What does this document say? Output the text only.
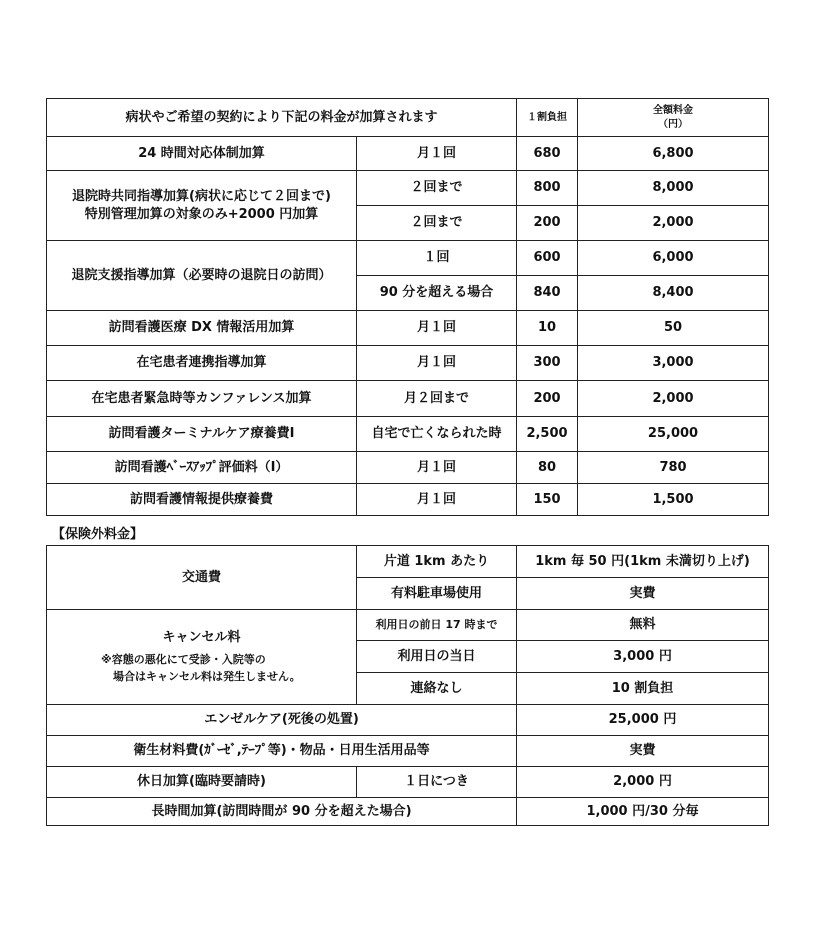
病状やご希望の契約により下記の料金が加算されます		１割負担	全額料金
（円）

24 時間対応体制加算	月１回	680	6,800

退院時共同指導加算(病状に応じて２回まで)
特別管理加算の対象のみ+2000 円加算	２回まで	800	8,000
	２回まで	200	2,000
退院支援指導加算（必要時の退院日の訪問）	１回	600	6,000
	90 分を超える場合	840	8,400
訪問看護医療 DX 情報活用加算	月１回	10	50
在宅患者連携指導加算	月１回	300	3,000
在宅患者緊急時等カンファレンス加算	月２回まで	200	2,000
訪問看護ターミナルケア療養費Ⅰ	自宅で亡くなられた時	2,500	25,000
訪問看護ﾍﾞｰｽｱｯﾌﾟ評価料（Ⅰ）	月１回	80	780
訪問看護情報提供療養費	月１回	150	1,500
【保険外料金】
交通費	片道 1km あたり	1km 毎 50 円(1km 未満切り上げ)
	有料駐車場使用	実費

キャンセル料
※容態の悪化にて受診・入院等の
場合はキャンセル料は発生しません。	利用日の前日 17 時まで	無料
	利用日の当日	3,000 円
	連絡なし	10 割負担
エンゼルケア(死後の処置)		25,000 円
衛生材料費(ｶﾞｰｾﾞ,ﾃｰﾌﾟ等)・物品・日用生活用品等		実費
休日加算(臨時要請時)	１日につき	2,000 円
長時間加算(訪問時間が 90 分を超えた場合)		1,000 円/30 分毎
